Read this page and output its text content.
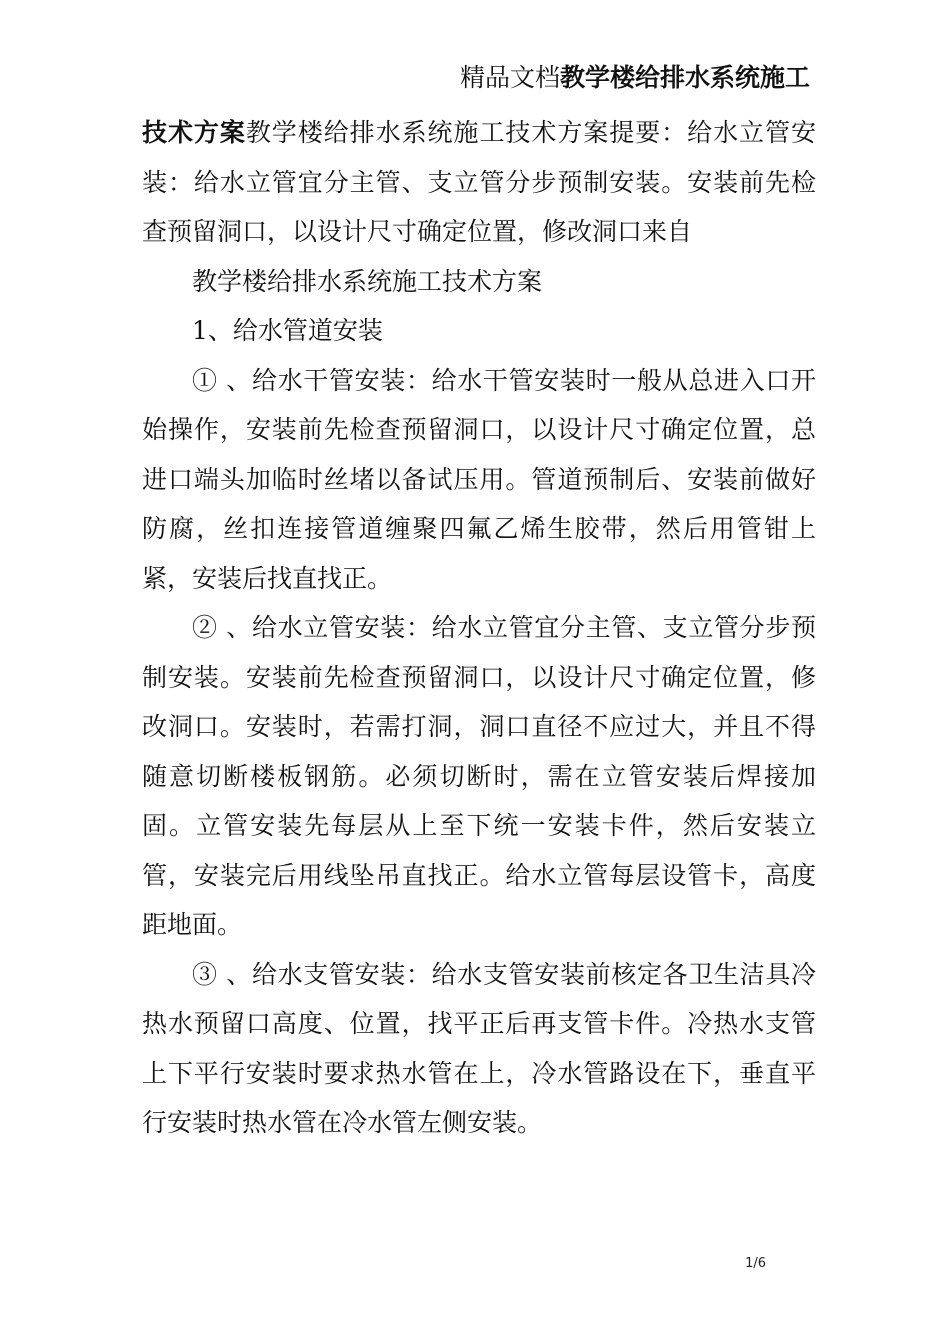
精品文档教学楼给排水系统施工

技术方案教学楼给排水系统施工技术方案提要：给水立管安装：给水立管宜分主管、支立管分步预制安装。安装前先检查预留洞口，以设计尺寸确定位置，修改洞口来自

教学楼给排水系统施工技术方案

1、给水管道安装

① 、给水干管安装：给水干管安装时一般从总进入口开始操作，安装前先检查预留洞口，以设计尺寸确定位置，总进口端头加临时丝堵以备试压用。管道预制后、安装前做好防腐，丝扣连接管道缠聚四氟乙烯生胶带，然后用管钳上紧，安装后找直找正。

② 、给水立管安装：给水立管宜分主管、支立管分步预制安装。安装前先检查预留洞口，以设计尺寸确定位置，修改洞口。安装时，若需打洞，洞口直径不应过大，并且不得随意切断楼板钢筋。必须切断时，需在立管安装后焊接加固。立管安装先每层从上至下统一安装卡件，然后安装立管，安装完后用线坠吊直找正。给水立管每层设管卡，高度距地面。

③ 、给水支管安装：给水支管安装前核定各卫生洁具冷热水预留口高度、位置，找平正后再支管卡件。冷热水支管上下平行安装时要求热水管在上，冷水管路设在下，垂直平行安装时热水管在冷水管左侧安装。

1/6
